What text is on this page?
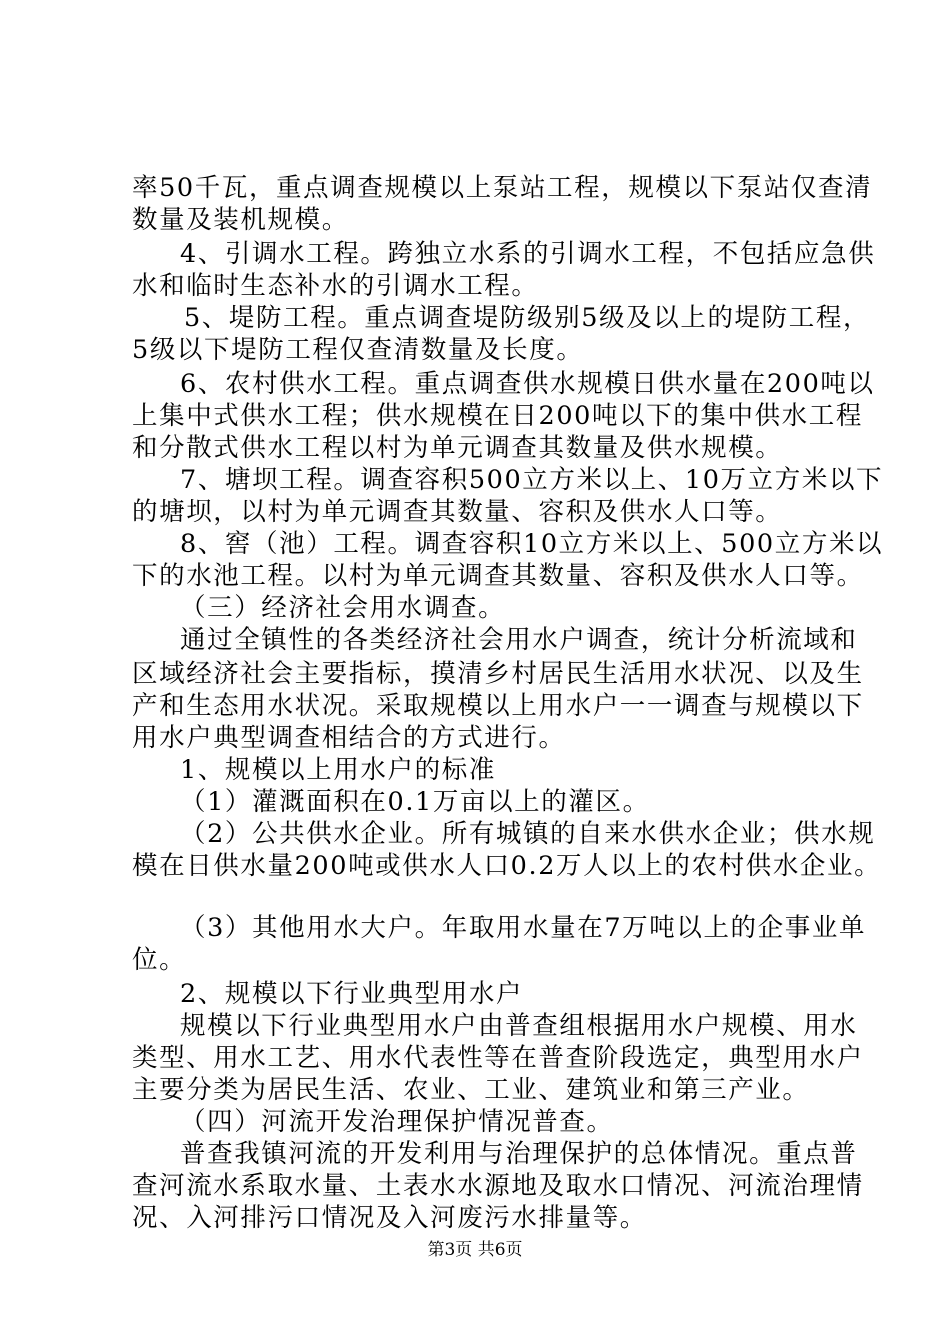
率50千瓦，重点调查规模以上泵站工程，规模以下泵站仅查清
数量及装机规模。
4、引调水工程。跨独立水系的引调水工程，不包括应急供
水和临时生态补水的引调水工程。
5、堤防工程。重点调查堤防级别5级及以上的堤防工程，
5级以下堤防工程仅查清数量及长度。
6、农村供水工程。重点调查供水规模日供水量在200吨以
上集中式供水工程；供水规模在日200吨以下的集中供水工程
和分散式供水工程以村为单元调查其数量及供水规模。
7、塘坝工程。调查容积500立方米以上、10万立方米以下
的塘坝，以村为单元调查其数量、容积及供水人口等。
8、窖（池）工程。调查容积10立方米以上、500立方米以
下的水池工程。以村为单元调查其数量、容积及供水人口等。
（三）经济社会用水调查。
通过全镇性的各类经济社会用水户调查，统计分析流域和
区域经济社会主要指标，摸清乡村居民生活用水状况、以及生
产和生态用水状况。采取规模以上用水户一一调查与规模以下
用水户典型调查相结合的方式进行。
1、规模以上用水户的标准
（1）灌溉面积在0.1万亩以上的灌区。
（2）公共供水企业。所有城镇的自来水供水企业；供水规
模在日供水量200吨或供水人口0.2万人以上的农村供水企业。
（3）其他用水大户。年取用水量在7万吨以上的企事业单
位。
2、规模以下行业典型用水户
规模以下行业典型用水户由普查组根据用水户规模、用水
类型、用水工艺、用水代表性等在普查阶段选定，典型用水户
主要分类为居民生活、农业、工业、建筑业和第三产业。
（四）河流开发治理保护情况普查。
普查我镇河流的开发利用与治理保护的总体情况。重点普
查河流水系取水量、土表水水源地及取水口情况、河流治理情
况、入河排污口情况及入河废污水排量等。
第3页 共6页
